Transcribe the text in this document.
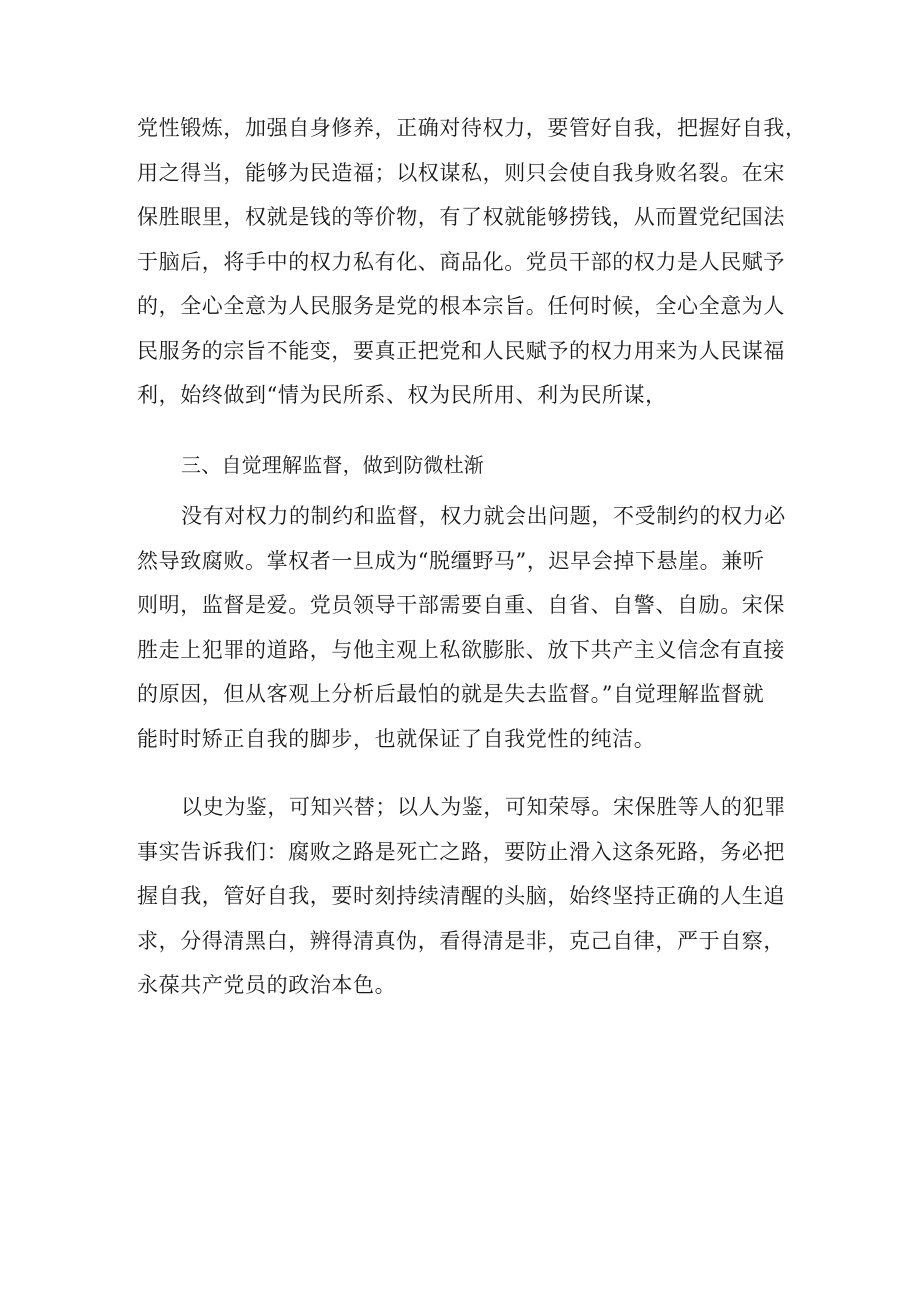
党性锻炼，加强自身修养，正确对待权力，要管好自我，把握好自我，
用之得当，能够为民造福；以权谋私，则只会使自我身败名裂。在宋
保胜眼里，权就是钱的等价物，有了权就能够捞钱，从而置党纪国法
于脑后，将手中的权力私有化、商品化。党员干部的权力是人民赋予
的，全心全意为人民服务是党的根本宗旨。任何时候，全心全意为人
民服务的宗旨不能变，要真正把党和人民赋予的权力用来为人民谋福
利，始终做到“情为民所系、权为民所用、利为民所谋，
三、自觉理解监督，做到防微杜渐
没有对权力的制约和监督，权力就会出问题，不受制约的权力必
然导致腐败。掌权者一旦成为“脱缰野马”，迟早会掉下悬崖。兼听
则明，监督是爱。党员领导干部需要自重、自省、自警、自励。宋保
胜走上犯罪的道路，与他主观上私欲膨胀、放下共产主义信念有直接
的原因，但从客观上分析后最怕的就是失去监督。”自觉理解监督就
能时时矫正自我的脚步，也就保证了自我党性的纯洁。
以史为鉴，可知兴替；以人为鉴，可知荣辱。宋保胜等人的犯罪
事实告诉我们：腐败之路是死亡之路，要防止滑入这条死路，务必把
握自我，管好自我，要时刻持续清醒的头脑，始终坚持正确的人生追
求，分得清黑白，辨得清真伪，看得清是非，克己自律，严于自察，
永葆共产党员的政治本色。
